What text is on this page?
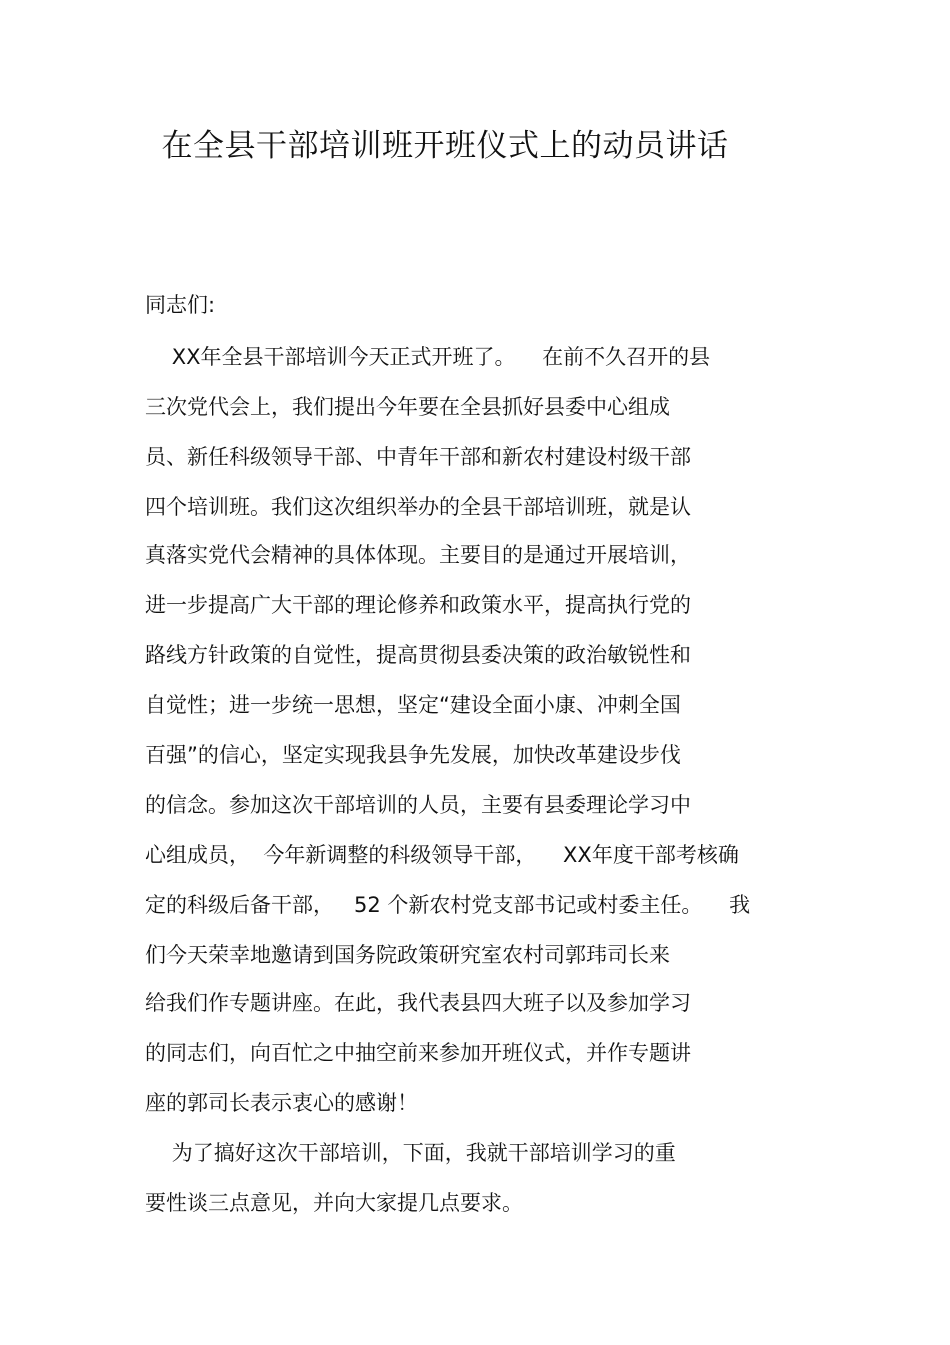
在全县干部培训班开班仪式上的动员讲话

同志们:

XX年全县干部培训今天正式开班了。    在前不久召开的县

三次党代会上，我们提出今年要在全县抓好县委中心组成

员、新任科级领导干部、中青年干部和新农村建设村级干部

四个培训班。我们这次组织举办的全县干部培训班，就是认

真落实党代会精神的具体体现。主要目的是通过开展培训，

进一步提高广大干部的理论修养和政策水平，提高执行党的

路线方针政策的自觉性，提高贯彻县委决策的政治敏锐性和

自觉性；进一步统一思想，坚定“建设全面小康、冲刺全国

百强”的信心，坚定实现我县争先发展，加快改革建设步伐

的信念。参加这次干部培训的人员，主要有县委理论学习中

心组成员，  今年新调整的科级领导干部，    XX年度干部考核确

定的科级后备干部，   52 个新农村党支部书记或村委主任。    我

们今天荣幸地邀请到国务院政策研究室农村司郭玮司长来

给我们作专题讲座。在此，我代表县四大班子以及参加学习

的同志们，向百忙之中抽空前来参加开班仪式，并作专题讲

座的郭司长表示衷心的感谢！

为了搞好这次干部培训，下面，我就干部培训学习的重

要性谈三点意见，并向大家提几点要求。
